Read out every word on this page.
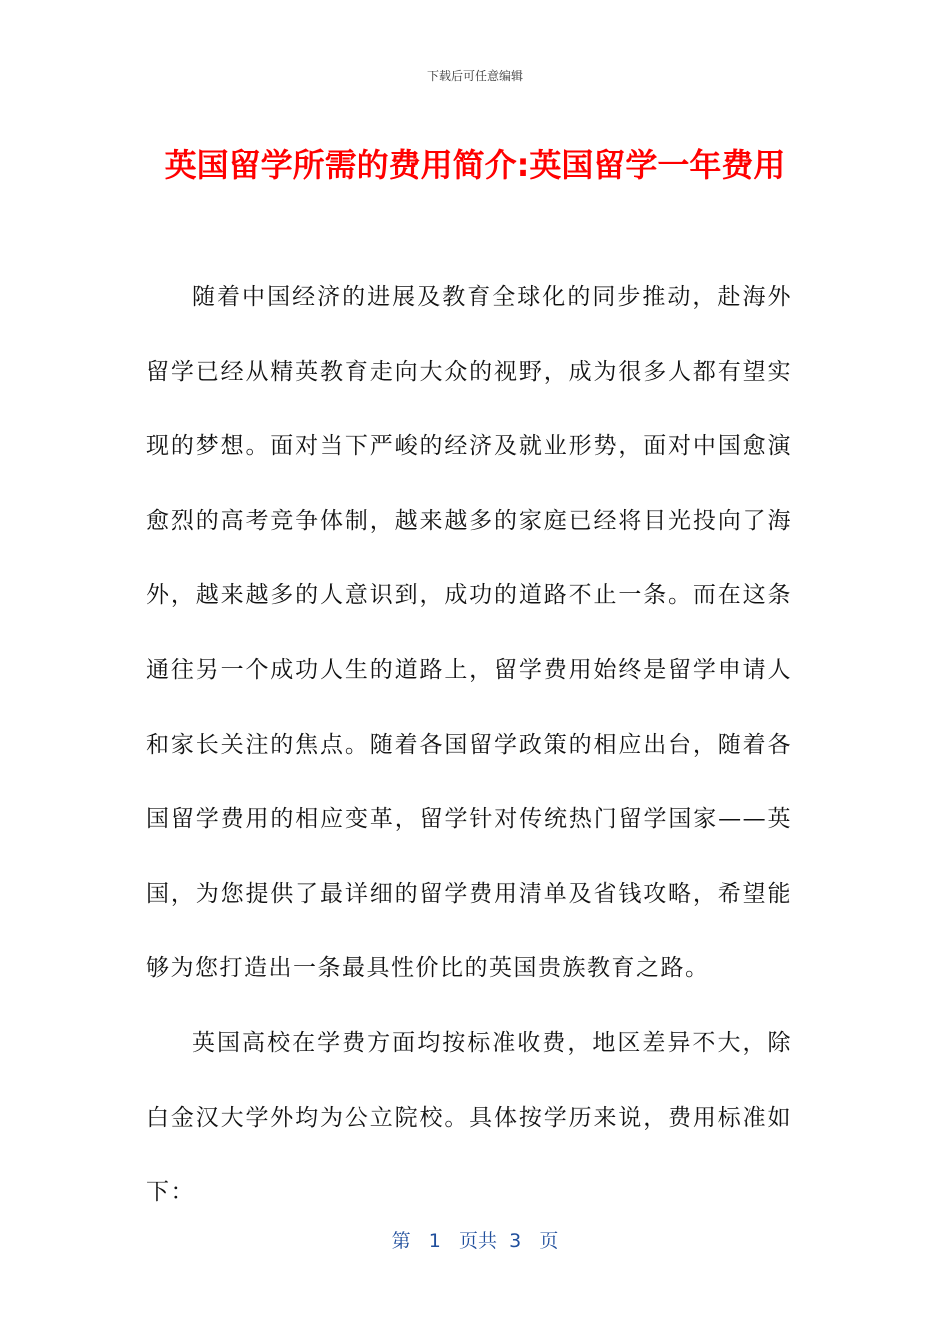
下载后可任意编辑
英国留学所需的费用简介:英国留学一年费用

随着中国经济的进展及教育全球化的同步推动，赴海外留学已经从精英教育走向大众的视野，成为很多人都有望实现的梦想。面对当下严峻的经济及就业形势，面对中国愈演愈烈的高考竞争体制，越来越多的家庭已经将目光投向了海外，越来越多的人意识到，成功的道路不止一条。而在这条通往另一个成功人生的道路上，留学费用始终是留学申请人和家长关注的焦点。随着各国留学政策的相应出台，随着各国留学费用的相应变革，留学针对传统热门留学国家——英国，为您提供了最详细的留学费用清单及省钱攻略，希望能够为您打造出一条最具性价比的英国贵族教育之路。

英国高校在学费方面均按标准收费，地区差异不大，除白金汉大学外均为公立院校。具体按学历来说，费用标准如下：

第 1 页共 3 页
